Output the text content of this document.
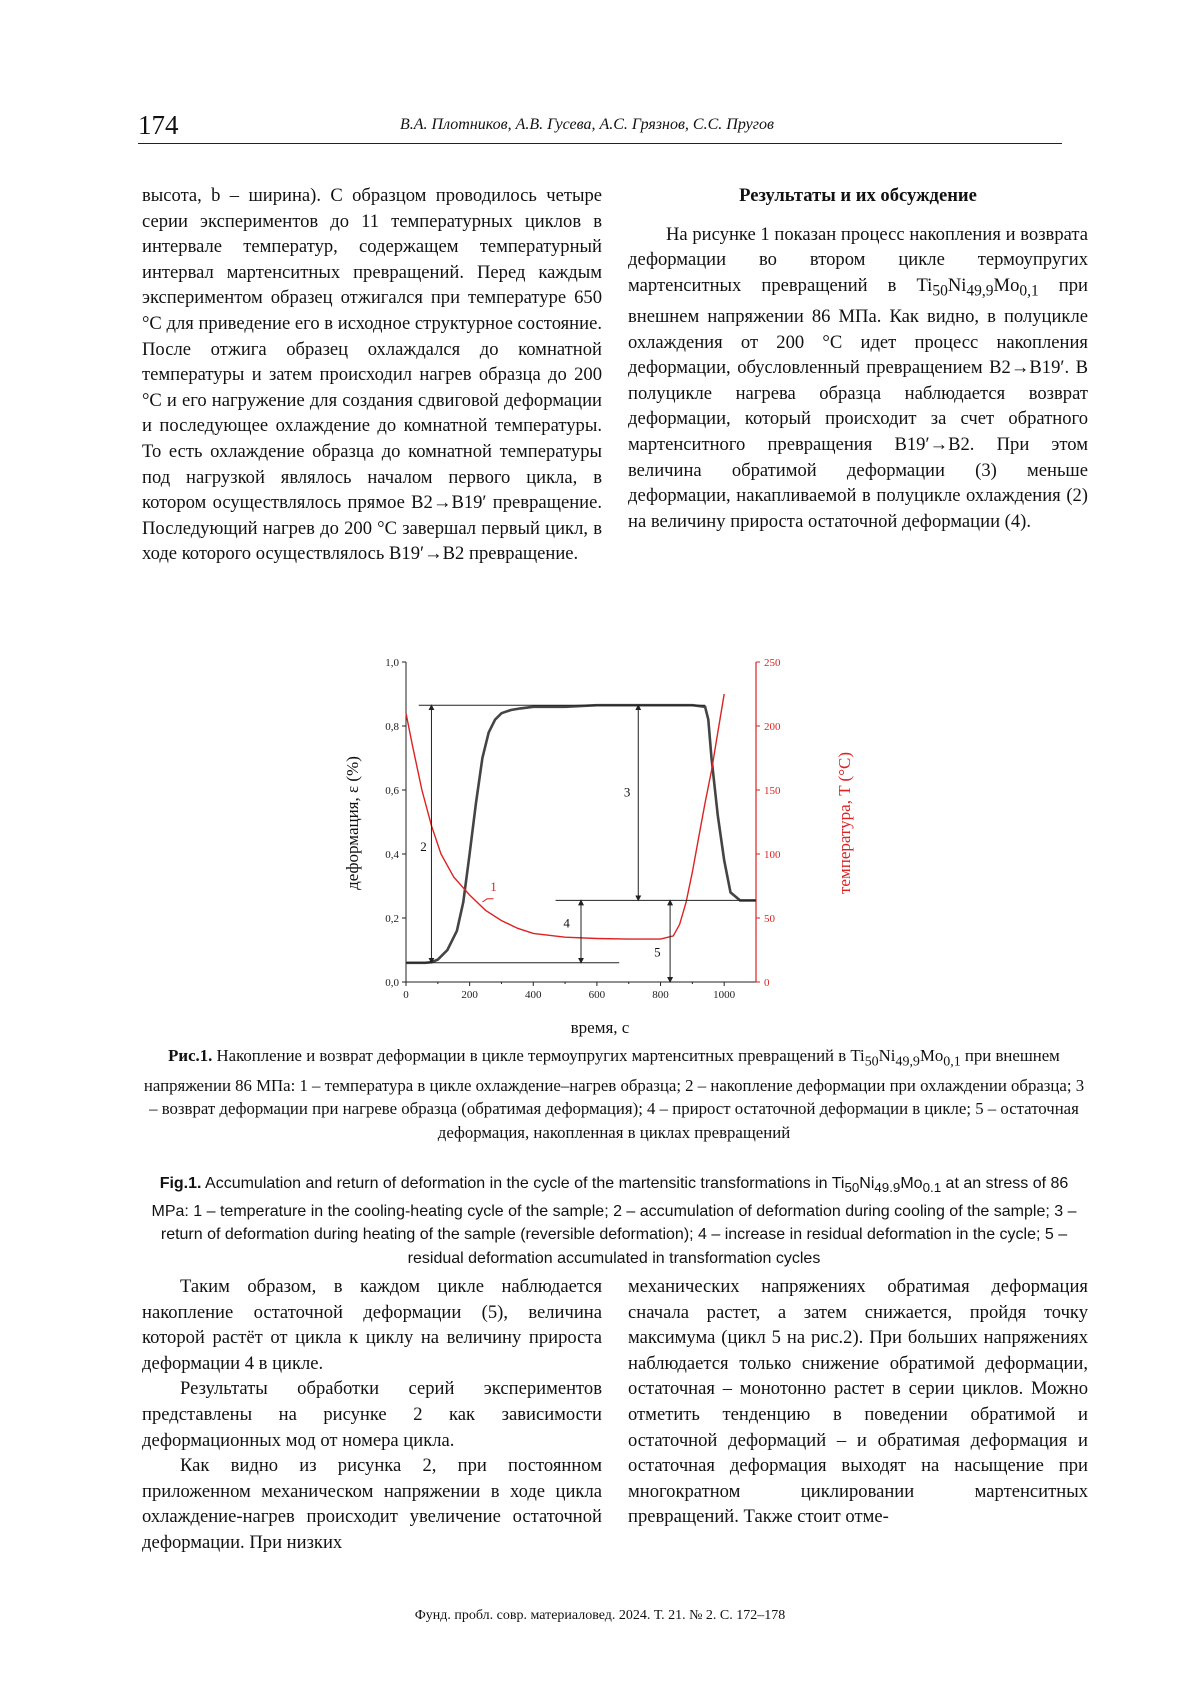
174	В.А. Плотников, А.В. Гусева, А.С. Грязнов, С.С. Пругов

высота, b – ширина). С образцом проводилось четыре серии экспериментов до 11 температурных циклов в интервале температур, содержащем температурный интервал мартенситных превращений. Перед каждым экспериментом образец отжигался при температуре 650 °С для приведение его в исходное структурное состояние. После отжига образец охлаждался до комнатной температуры и затем происходил нагрев образца до 200 °С и его нагружение для создания сдвиговой деформации и последующее охлаждение до комнатной температуры. То есть охлаждение образца до комнатной температуры под нагрузкой являлось началом первого цикла, в котором осуществлялось прямое B2→B19′ превращение. Последующий нагрев до 200 °С завершал первый цикл, в ходе которого осуществлялось B19′→B2 превращение.

Результаты и их обсуждение

На рисунке 1 показан процесс накопления и возврата деформации во втором цикле термоупругих мартенситных превращений в $Ti_{50}Ni_{49,9}Mo_{0,1}$ при внешнем напряжении 86 МПа. Как видно, в полуцикле охлаждения от 200 °С идет процесс накопления деформации, обусловленный превращением B2→B19′. В полуцикле нагрева образца наблюдается возврат деформации, который происходит за счет обратного мартенситного превращения B19′→B2. При этом величина обратимой деформации (3) меньше деформации, накапливаемой в полуцикле охлаждения (2) на величину прироста остаточной деформации (4).

0	200	400	600	800	1000
0,0
0,2
0,4
0,6
0,8
1,0
0
50
100
150
200
250
1
2
3
4
5
время, с
деформация, ε (%)	температура, T (°C)

Рис.1. Накопление и возврат деформации в цикле термоупругих мартенситных превращений в $Ti_{50}Ni_{49,9}Mo_{0,1}$ при внешнем напряжении 86 МПа: 1 – температура в цикле охлаждение–нагрев образца; 2 – накопление деформации при охлаждении образца; 3 – возврат деформации при нагреве образца (обратимая деформация); 4 – прирост остаточной деформации в цикле; 5 – остаточная деформация, накопленная в циклах превращений

Fig.1. Accumulation and return of deformation in the cycle of the martensitic transformations in $Ti_{50}Ni_{49.9}Mo_{0.1}$ at an stress of 86 MPa: 1 – temperature in the cooling-heating cycle of the sample; 2 – accumulation of deformation during cooling of the sample; 3 – return of deformation during heating of the sample (reversible deformation); 4 – increase in residual deformation in the cycle; 5 – residual deformation accumulated in transformation cycles

Таким образом, в каждом цикле наблюдается накопление остаточной деформации (5), величина которой растёт от цикла к циклу на величину прироста деформации 4 в цикле.

Результаты обработки серий экспериментов представлены на рисунке 2 как зависимости деформационных мод от номера цикла.

Как видно из рисунка 2, при постоянном приложенном механическом напряжении в ходе цикла охлаждение-нагрев происходит увеличение остаточной деформации. При низких

механических напряжениях обратимая деформация сначала растет, а затем снижается, пройдя точку максимума (цикл 5 на рис.2). При больших напряжениях наблюдается только снижение обратимой деформации, остаточная – монотонно растет в серии циклов. Можно отметить тенденцию в поведении обратимой и остаточной деформаций – и обратимая деформация и остаточная деформация выходят на насыщение при многократном циклировании мартенситных превращений. Также стоит отме-

Фунд. пробл. совр. материаловед. 2024. Т. 21. № 2. С. 172–178
